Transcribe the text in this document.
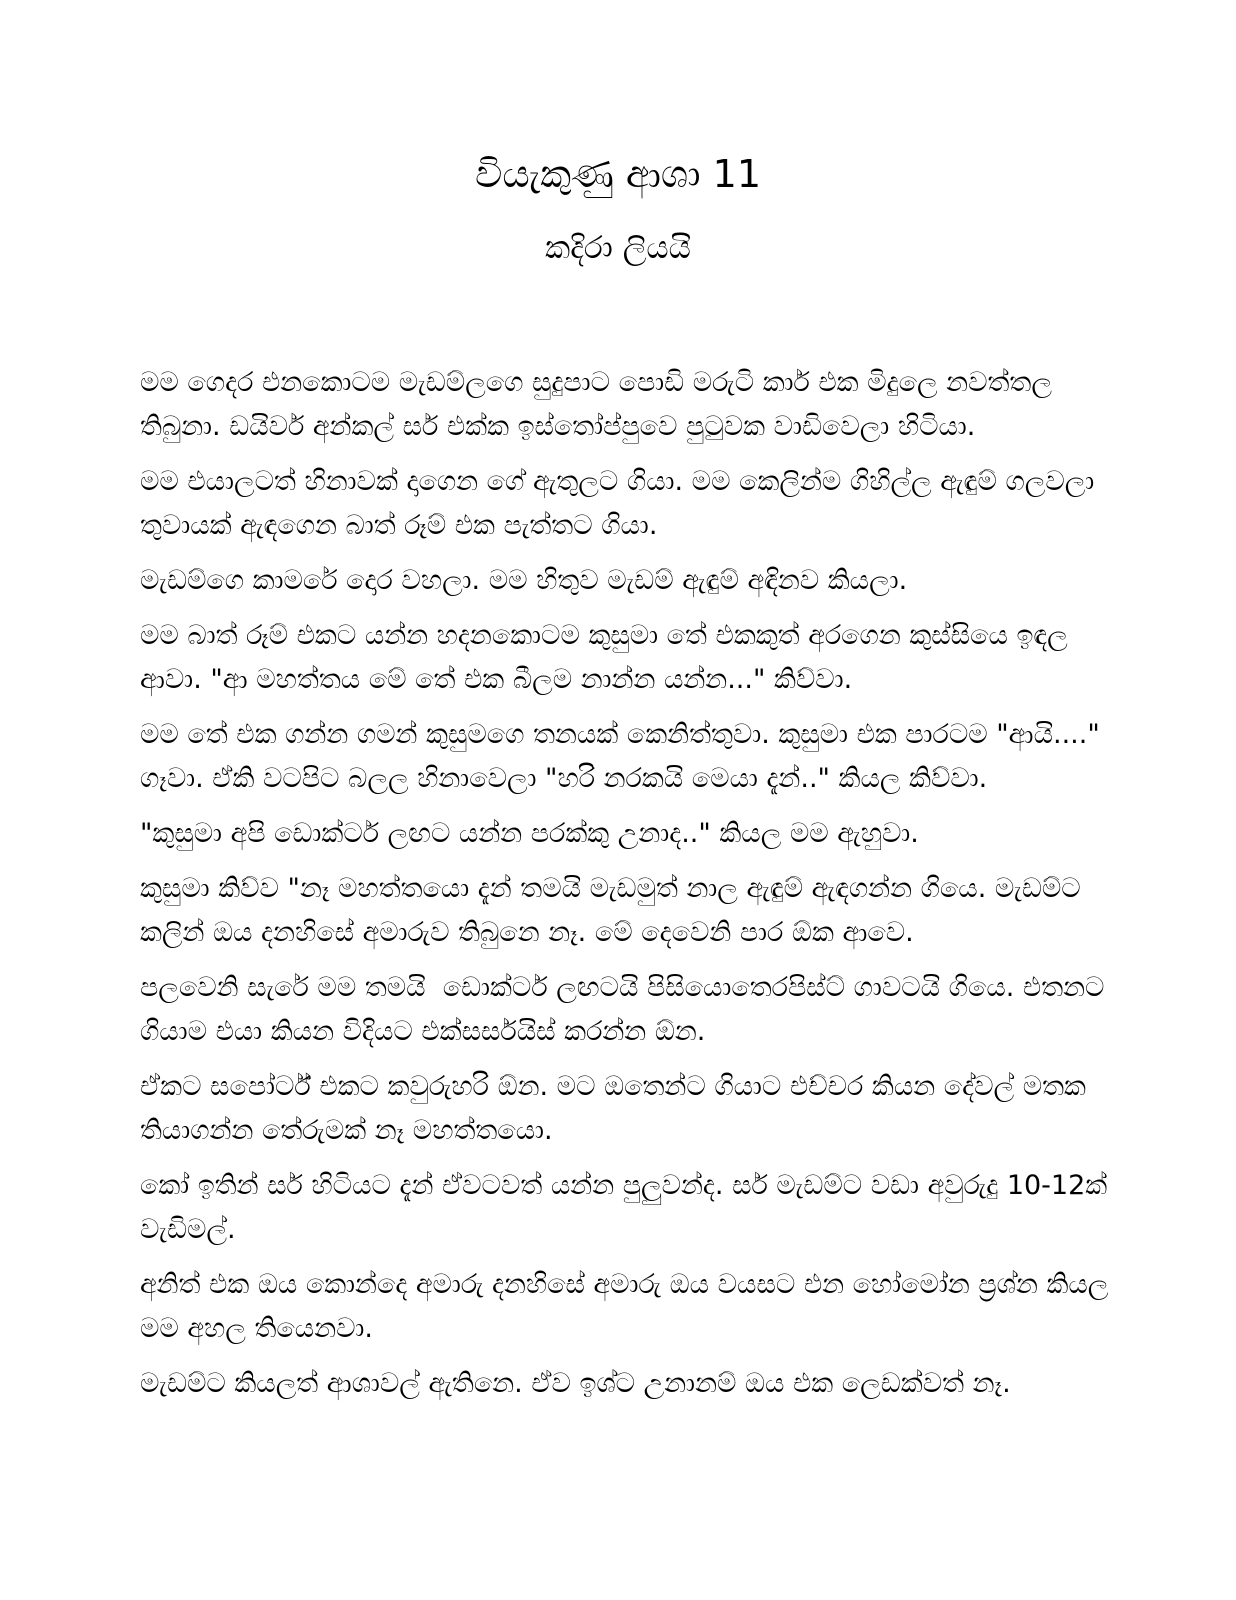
වියැකුණු ආශා 11
කදිරා ලියයි

මම ගෙදර එනකොටම මැඩම්ලගෙ සුදුපාට පොඩි මරුටි කාර් එක මිදුලෙ නවත්තල තිබුනා. ඩයිවර් අන්කල් සර් එක්ක ඉස්තෝප්පුවෙ පුටුවක වාඩිවෙලා හිටියා.

මම එයාලටත් හිනාවක් දාගෙන ගේ ඇතුලට ගියා. මම කෙලින්ම ගිහිල්ල ඇඳුම් ගලවලා තුවායක් ඇඳගෙන බාත් රූම් එක පැත්තට ගියා.

මැඩම්ගෙ කාමරේ දොර වහලා. මම හිතුව මැඩම් ඇඳුම් අඳිනව කියලා.

මම බාත් රූම් එකට යන්න හදනකොටම කුසුමා තේ එකකුත් අරගෙන කුස්සියෙ ඉඳල ආවා. "ආ මහත්තය මේ තේ එක බීලම නාන්න යන්න..." කිව්වා.

මම තේ එක ගන්න ගමන් කුසුමගෙ තනයක් කෙනිත්තුවා. කුසුමා එක පාරටම "ආයි...." ගෑවා. ඒකි වටපිට බලල හිනාවෙලා "හරි නරකයි මෙයා දැන්.." කියල කිව්වා.

"කුසුමා අපි ඩොක්ටර් ලඟට යන්න පරක්කු උනාද.." කියල මම ඇහුවා.

කුසුමා කිව්ව "නෑ මහත්තයො දැන් තමයි මැඩමුත් නාල ඇඳුම් ඇඳගන්න ගියෙ. මැඩම්ට කලින් ඔය දනහිසේ අමාරුව තිබුනෙ නෑ. මේ දෙවෙනි පාර ඕක ආවෙ.

පලවෙනි සැරේ මම තමයි  ඩොක්ටර් ලඟටයි පිසියොතෙරපිස්ට් ගාවටයි ගියෙ. එතනට ගියාම එයා කියන විදියට එක්සර්සයිස් කරන්න ඕන.

ඒකට සපෝර්ට් එකට කවුරුහරි ඕන. මට ඔතෙන්ට ගියාට එච්චර කියන දේවල් මතක තියාගන්න තේරුමක් නෑ මහත්තයො.

කෝ ඉතින් සර් හිටියට දැන් ඒවටවත් යන්න පුලුවන්ද. සර් මැඩම්ට වඩා අවුරුදු 10-12ක් වැඩිමල්.

අනිත් එක ඔය කොන්දෙ අමාරු දනහිසේ අමාරු ඔය වයසට එන හෝමෝන ප්‍රශ්න කියල මම අහල තියෙනවා.

මැඩම්ට කියලත් ආශාවල් ඇතිනෙ. ඒව ඉශ්ට උනානම් ඔය එක ලෙඩක්වත් නෑ.
